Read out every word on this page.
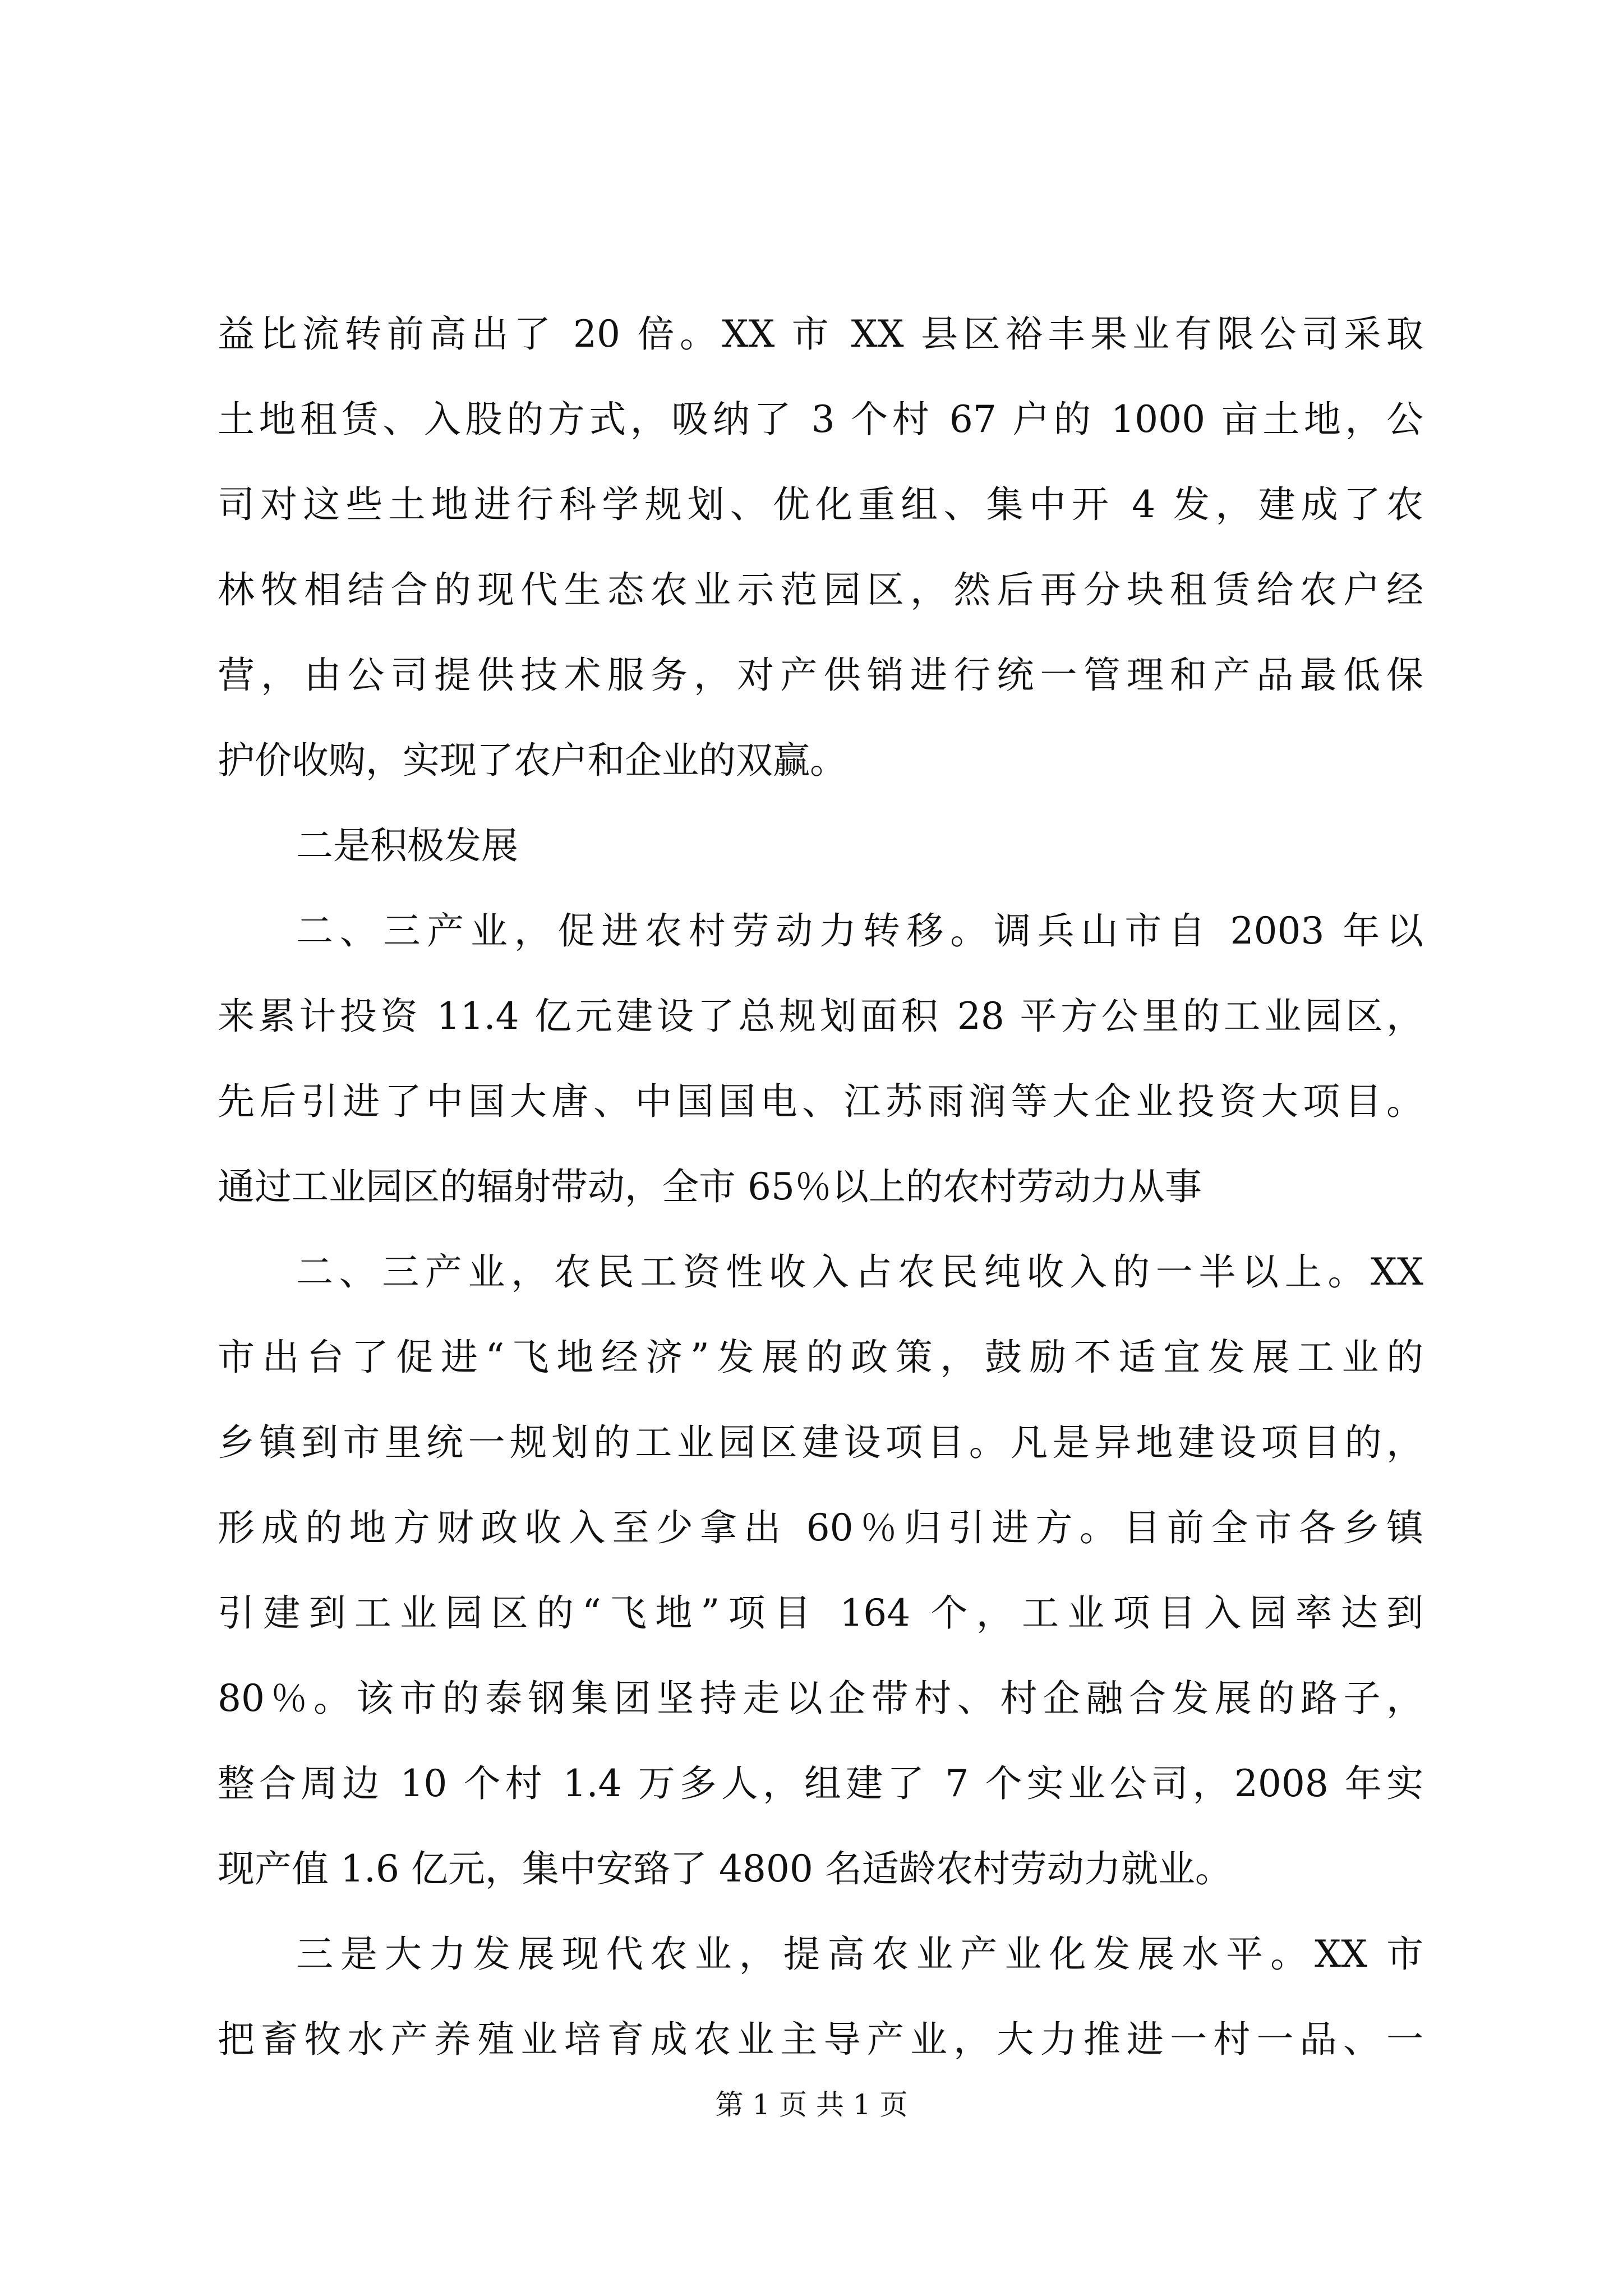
益比流转前高出了 20 倍。XX 市 XX 县区裕丰果业有限公司采取
土地租赁、入股的方式，吸纳了 3 个村 67 户的 1000 亩土地，公
司对这些土地进行科学规划、优化重组、集中开 4 发，建成了农
林牧相结合的现代生态农业示范园区，然后再分块租赁给农户经
营，由公司提供技术服务，对产供销进行统一管理和产品最低保
护价收购，实现了农户和企业的双赢。
二是积极发展
二、三产业，促进农村劳动力转移。调兵山市自 2003 年以
来累计投资 11.4 亿元建设了总规划面积 28 平方公里的工业园区，
先后引进了中国大唐、中国国电、江苏雨润等大企业投资大项目。
通过工业园区的辐射带动，全市 65％以上的农村劳动力从事
二、三产业，农民工资性收入占农民纯收入的一半以上。XX
市出台了促进“飞地经济”发展的政策，鼓励不适宜发展工业的
乡镇到市里统一规划的工业园区建设项目。凡是异地建设项目的，
形成的地方财政收入至少拿出 60％归引进方。目前全市各乡镇
引建到工业园区的“飞地”项目 164 个，工业项目入园率达到
80％。该市的泰钢集团坚持走以企带村、村企融合发展的路子，
整合周边 10 个村 1.4 万多人，组建了 7 个实业公司，2008 年实
现产值 1.6 亿元，集中安臵了 4800 名适龄农村劳动力就业。
三是大力发展现代农业，提高农业产业化发展水平。XX 市
把畜牧水产养殖业培育成农业主导产业，大力推进一村一品、一
第 1 页 共 1 页
